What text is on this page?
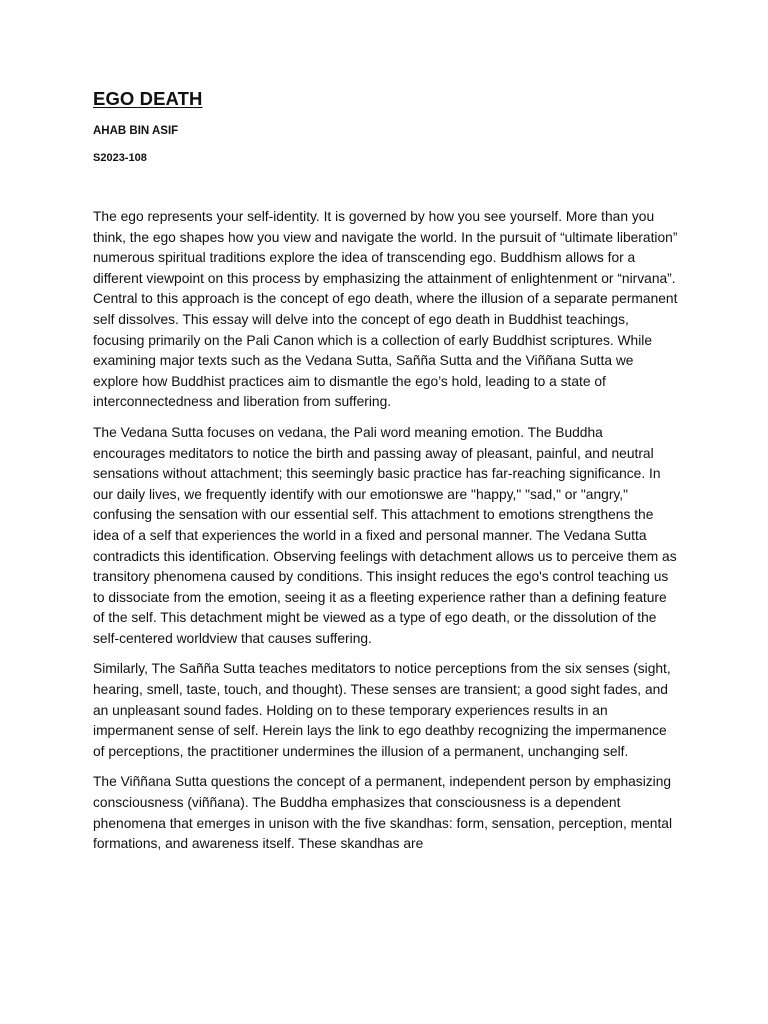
EGO DEATH
AHAB BIN ASIF
S2023-108

The ego represents your self-identity. It is governed by how you see yourself. More than you think, the ego shapes how you view and navigate the world. In the pursuit of “ultimate liberation” numerous spiritual traditions explore the idea of transcending ego. Buddhism allows for a different viewpoint on this process by emphasizing the attainment of enlightenment or “nirvana”. Central to this approach is the concept of ego death, where the illusion of a separate permanent self dissolves. This essay will delve into the concept of ego death in Buddhist teachings, focusing primarily on the Pali Canon which is a collection of early Buddhist scriptures. While examining major texts such as the Vedana Sutta, Sañña Sutta and the Viññana Sutta we explore how Buddhist practices aim to dismantle the ego’s hold, leading to a state of interconnectedness and liberation from suffering.

The Vedana Sutta focuses on vedana, the Pali word meaning emotion. The Buddha encourages meditators to notice the birth and passing away of pleasant, painful, and neutral sensations without attachment; this seemingly basic practice has far-reaching significance. In our daily lives, we frequently identify with our emotionswe are "happy," "sad," or "angry," confusing the sensation with our essential self. This attachment to emotions strengthens the idea of a self that experiences the world in a fixed and personal manner. The Vedana Sutta contradicts this identification. Observing feelings with detachment allows us to perceive them as transitory phenomena caused by conditions. This insight reduces the ego's control teaching us to dissociate from the emotion, seeing it as a fleeting experience rather than a defining feature of the self. This detachment might be viewed as a type of ego death, or the dissolution of the self-centered worldview that causes suffering.

Similarly, The Sañña Sutta teaches meditators to notice perceptions from the six senses (sight, hearing, smell, taste, touch, and thought). These senses are transient; a good sight fades, and an unpleasant sound fades. Holding on to these temporary experiences results in an impermanent sense of self. Herein lays the link to ego deathby recognizing the impermanence of perceptions, the practitioner undermines the illusion of a permanent, unchanging self.

The Viññana Sutta questions the concept of a permanent, independent person by emphasizing consciousness (viññana). The Buddha emphasizes that consciousness is a dependent phenomena that emerges in unison with the five skandhas: form, sensation, perception, mental formations, and awareness itself. These skandhas are
